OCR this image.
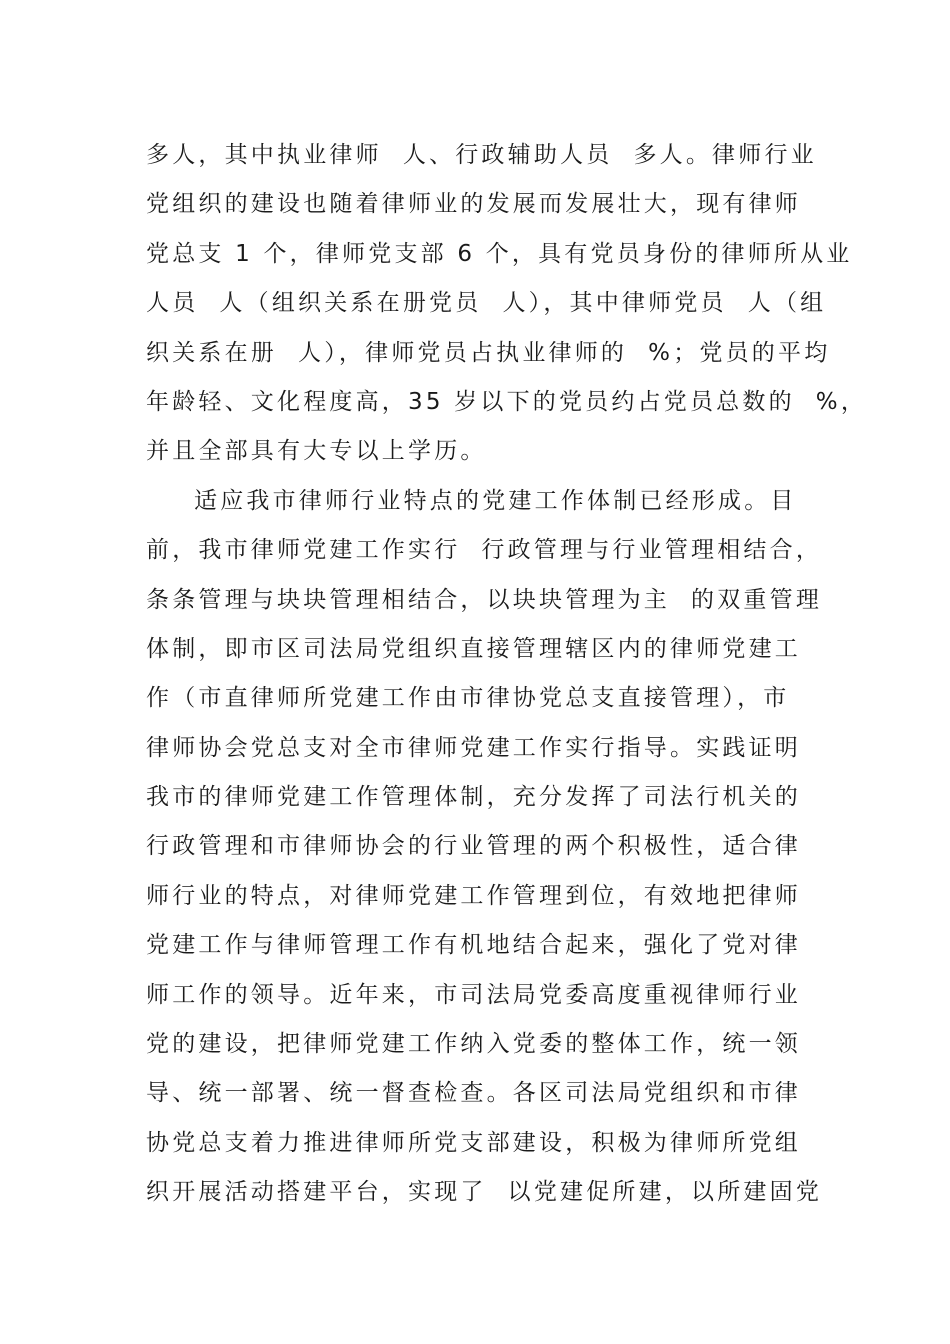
多人，其中执业律师  人、行政辅助人员  多人。律师行业
党组织的建设也随着律师业的发展而发展壮大，现有律师
党总支 1 个，律师党支部 6 个，具有党员身份的律师所从业
人员  人（组织关系在册党员  人），其中律师党员  人（组
织关系在册  人），律师党员占执业律师的  %；党员的平均
年龄轻、文化程度高，35 岁以下的党员约占党员总数的  %，
并且全部具有大专以上学历。
适应我市律师行业特点的党建工作体制已经形成。目
前，我市律师党建工作实行  行政管理与行业管理相结合，
条条管理与块块管理相结合，以块块管理为主  的双重管理
体制，即市区司法局党组织直接管理辖区内的律师党建工
作（市直律师所党建工作由市律协党总支直接管理），市
律师协会党总支对全市律师党建工作实行指导。实践证明
我市的律师党建工作管理体制，充分发挥了司法行机关的
行政管理和市律师协会的行业管理的两个积极性，适合律
师行业的特点，对律师党建工作管理到位，有效地把律师
党建工作与律师管理工作有机地结合起来，强化了党对律
师工作的领导。近年来，市司法局党委高度重视律师行业
党的建设，把律师党建工作纳入党委的整体工作，统一领
导、统一部署、统一督查检查。各区司法局党组织和市律
协党总支着力推进律师所党支部建设，积极为律师所党组
织开展活动搭建平台，实现了  以党建促所建，以所建固党
